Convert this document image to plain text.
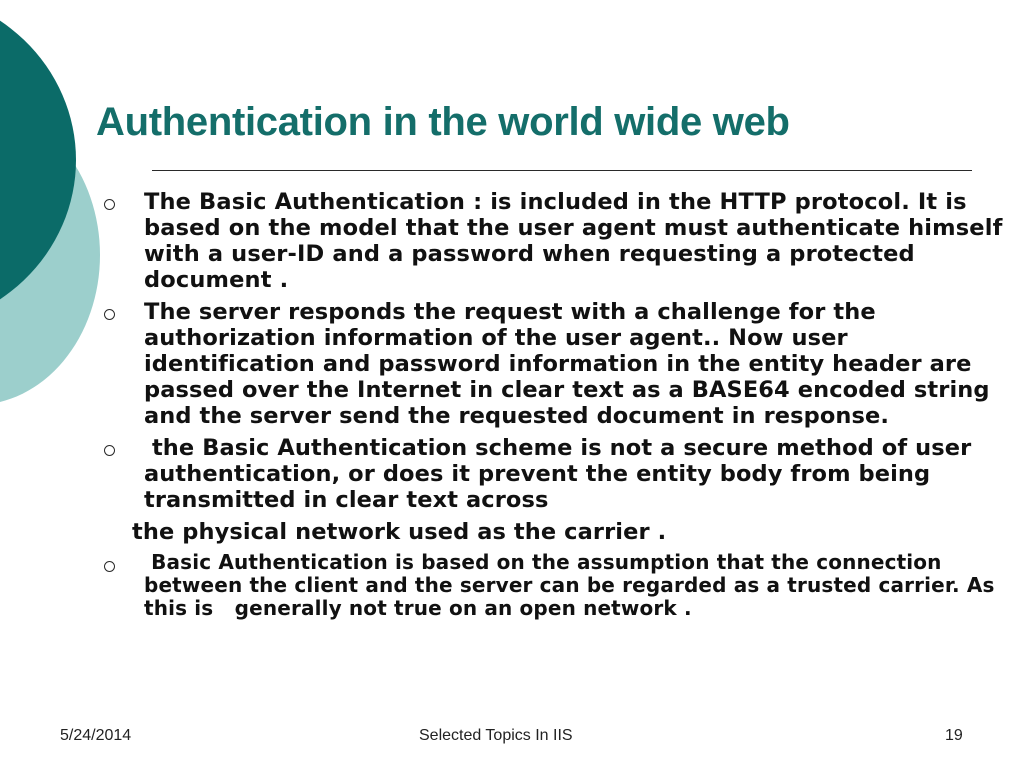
Authentication in the world wide web
The Basic Authentication : is included in the HTTP protocol. It is based on the model that the user agent must authenticate himself with a user-ID and a password when requesting a protected document .
The server responds the request with a challenge for the authorization information of the user agent.. Now user identification and password information in the entity header are passed over the Internet in clear text as a BASE64 encoded string and the server send the requested document in response.
the Basic Authentication scheme is not a secure method of user authentication, or does it prevent the entity body from being transmitted in clear text across
the physical network used as the carrier .
Basic Authentication is based on the assumption that the connection between the client and the server can be regarded as a trusted carrier. As this is   generally not true on an open network .
5/24/2014	Selected Topics In IIS	19
